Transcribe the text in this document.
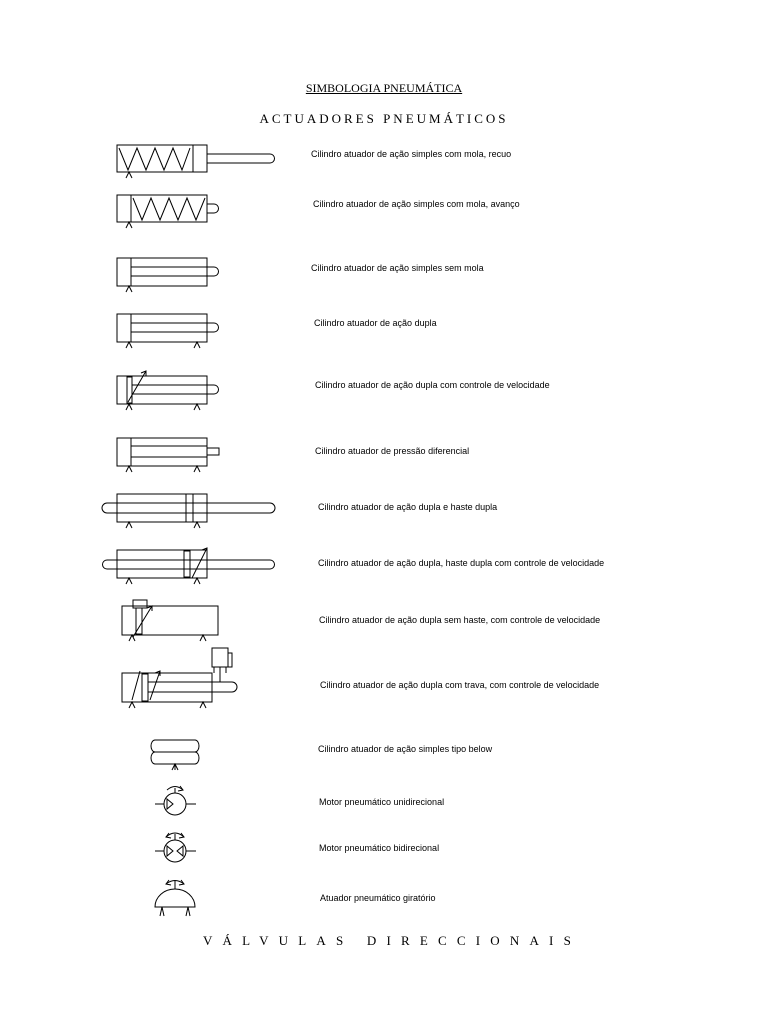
SIMBOLOGIA PNEUMÁTICA
ACTUADORES PNEUMÁTICOS
Cilindro atuador de ação simples com mola, recuo
Cilindro atuador de ação simples com mola, avanço
Cilindro atuador de ação simples sem mola
Cilindro atuador de ação dupla
Cilindro atuador de ação dupla com controle de velocidade
Cilindro atuador de pressão diferencial
Cilindro atuador de ação dupla e haste dupla
Cilindro atuador de ação dupla, haste dupla com controle de velocidade
Cilindro atuador de ação dupla sem haste, com controle de velocidade
Cilindro atuador de ação dupla com trava, com controle de velocidade
Cilindro atuador de ação simples tipo below
Motor pneumático unidirecional
Motor pneumático bidirecional
Atuador pneumático giratório
VÁLVULAS DIRECCIONAIS
